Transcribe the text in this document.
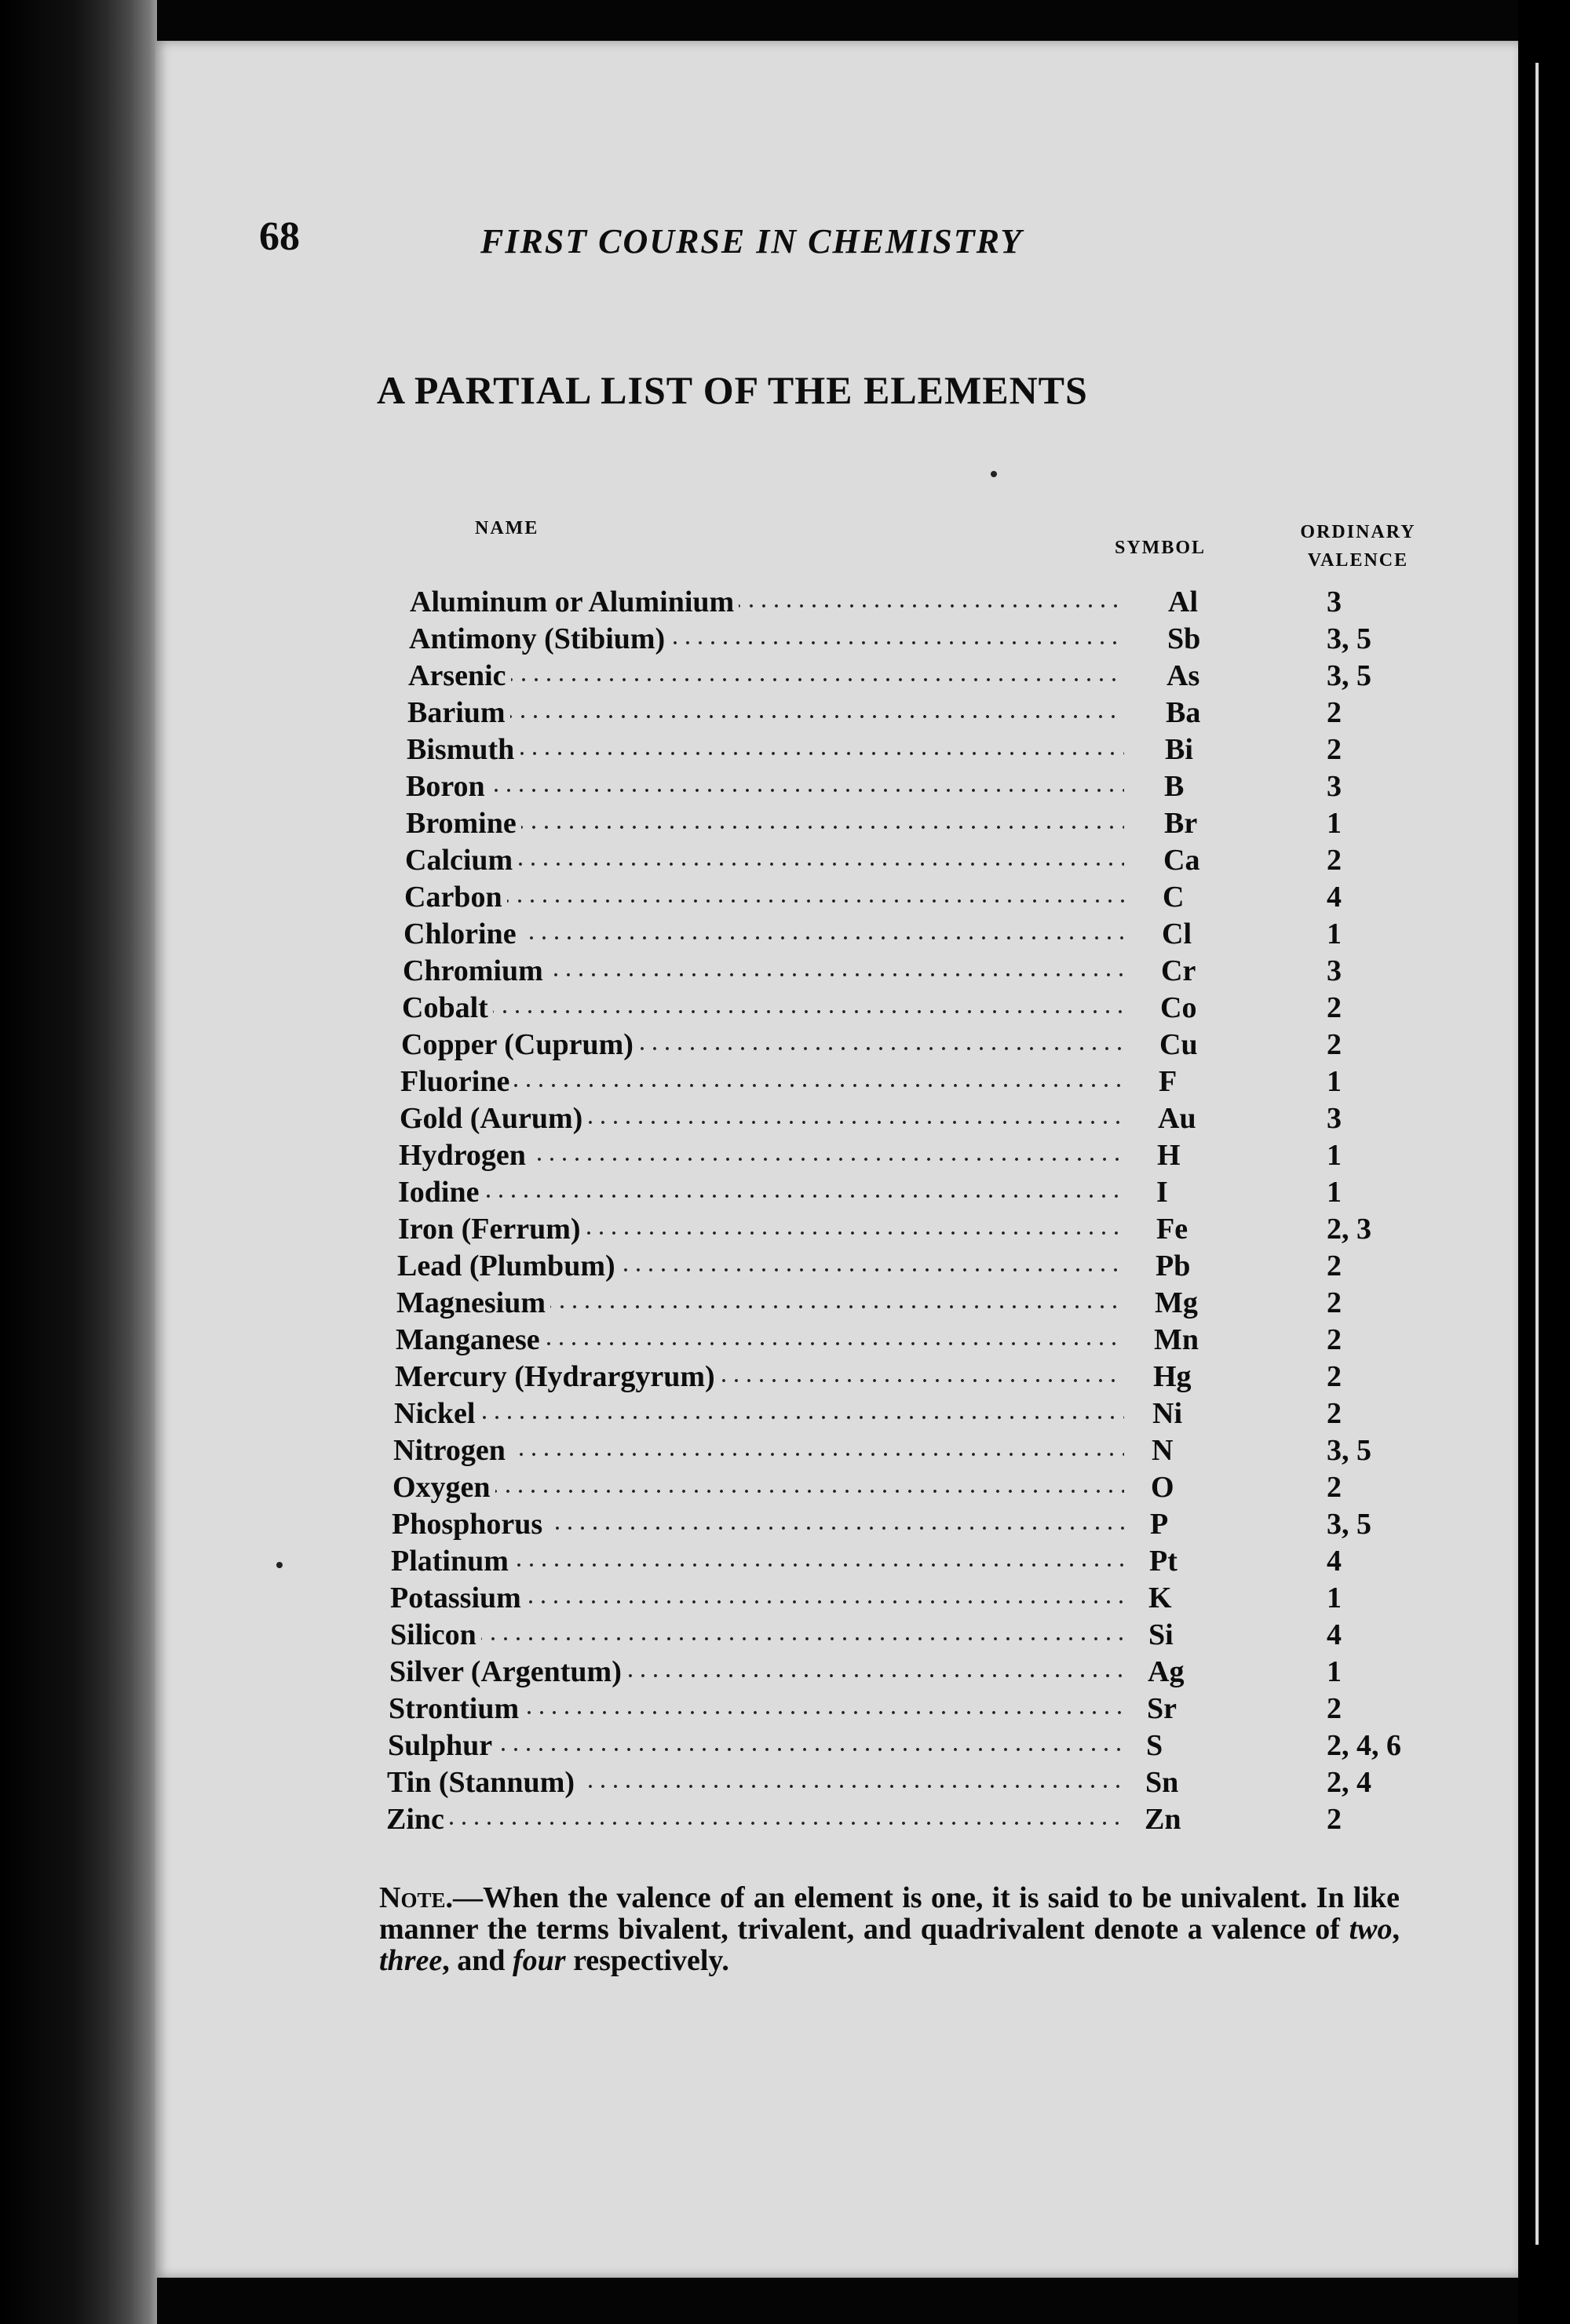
68	FIRST COURSE IN CHEMISTRY

A PARTIAL LIST OF THE ELEMENTS
NAME
SYMBOL
ORDINARY
VALENCE
Aluminum or Aluminium . . .	Al	3
Antimony (Stibium) . . .	Sb	3, 5
Arsenic . . .	As	3, 5
Barium . . .	Ba	2
Bismuth . . .	Bi	2
Boron . . .	B	3
Bromine . . .	Br	1
Calcium . . .	Ca	2
Carbon . . .	C	4
Chlorine . . .	Cl	1
Chromium . . .	Cr	3
Cobalt . . .	Co	2
Copper (Cuprum) . . .	Cu	2
Fluorine . . .	F	1
Gold (Aurum) . . .	Au	3
Hydrogen . . .	H	1
Iodine . . .	I	1
Iron (Ferrum) . . .	Fe	2, 3
Lead (Plumbum) . . .	Pb	2
Magnesium . . .	Mg	2
Manganese . . .	Mn	2
Mercury (Hydrargyrum) . . .	Hg	2
Nickel . . .	Ni	2
Nitrogen . . .	N	3, 5
Oxygen . . .	O	2
Phosphorus . . .	P	3, 5
Platinum . . .	Pt	4
Potassium . . .	K	1
Silicon . . .	Si	4
Silver (Argentum) . . .	Ag	1
Strontium . . .	Sr	2
Sulphur . . .	S	2, 4, 6
Tin (Stannum) . . .	Sn	2, 4
Zinc . . .	Zn	2

Note.—When the valence of an element is one, it is said to be univalent. In like manner the terms bivalent, trivalent, and quadrivalent denote a valence of two, three, and four respectively.
